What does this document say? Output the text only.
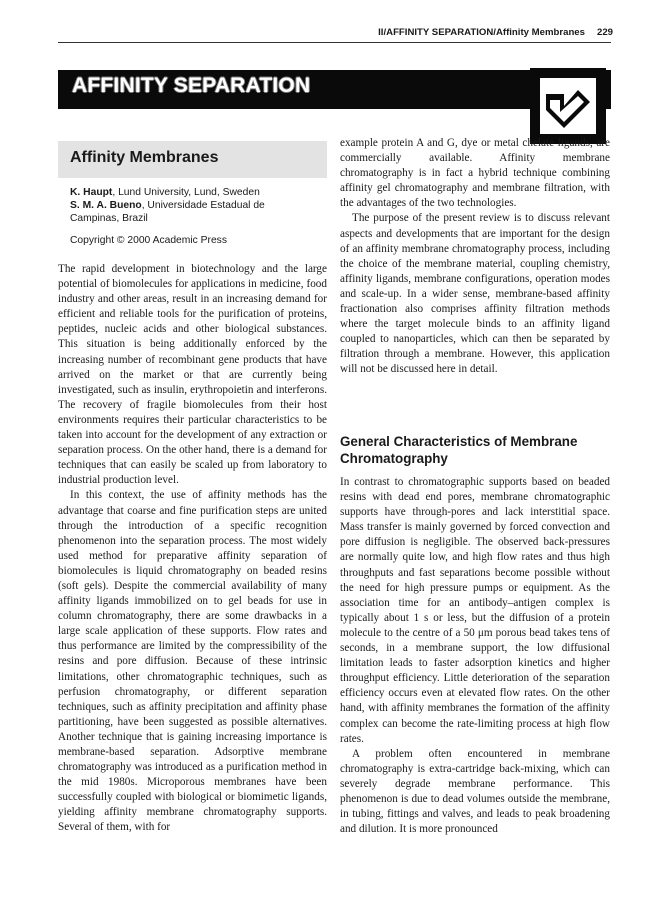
II/AFFINITY SEPARATION/Affinity Membranes 229
AFFINITY SEPARATION
Affinity Membranes
K. Haupt, Lund University, Lund, Sweden
S. M. A. Bueno, Universidade Estadual de Campinas, Brazil
Copyright © 2000 Academic Press

The rapid development in biotechnology and the large potential of biomolecules for applications in medicine, food industry and other areas, result in an increasing demand for efficient and reliable tools for the purification of proteins, peptides, nucleic acids and other biological substances. This situation is being additionally enforced by the increasing number of recombinant gene products that have arrived on the market or that are currently being investigated, such as insulin, erythropoietin and interferons. The recovery of fragile biomolecules from their host environments requires their particular characteristics to be taken into account for the development of any extraction or separation process. On the other hand, there is a demand for techniques that can easily be scaled up from laboratory to industrial production level.

In this context, the use of affinity methods has the advantage that coarse and fine purification steps are united through the introduction of a specific recognition phenomenon into the separation process. The most widely used method for preparative affinity separation of biomolecules is liquid chromatography on beaded resins (soft gels). Despite the commercial availability of many affinity ligands immobilized on to gel beads for use in column chromatography, there are some drawbacks in a large scale application of these supports. Flow rates and thus performance are limited by the compressibility of the resins and pore diffusion. Because of these intrinsic limitations, other chromatographic techniques, such as perfusion chromatography, or different separation techniques, such as affinity precipitation and affinity phase partitioning, have been suggested as possible alternatives. Another technique that is gaining increasing importance is membrane-based separation. Adsorptive membrane chromatography was introduced as a purification method in the mid 1980s. Microporous membranes have been successfully coupled with biological or biomimetic ligands, yielding affinity membrane chromatography supports. Several of them, with for

example protein A and G, dye or metal chelate ligands, are commercially available. Affinity membrane chromatography is in fact a hybrid technique combining affinity gel chromatography and membrane filtration, with the advantages of the two technologies.

The purpose of the present review is to discuss relevant aspects and developments that are important for the design of an affinity membrane chromatography process, including the choice of the membrane material, coupling chemistry, affinity ligands, membrane configurations, operation modes and scale-up. In a wider sense, membrane-based affinity fractionation also comprises affinity filtration methods where the target molecule binds to an affinity ligand coupled to nanoparticles, which can then be separated by filtration through a membrane. However, this application will not be discussed here in detail.

General Characteristics of Membrane Chromatography

In contrast to chromatographic supports based on beaded resins with dead end pores, membrane chromatographic supports have through-pores and lack interstitial space. Mass transfer is mainly governed by forced convection and pore diffusion is negligible. The observed back-pressures are normally quite low, and high flow rates and thus high throughputs and fast separations become possible without the need for high pressure pumps or equipment. As the association time for an antibody–antigen complex is typically about 1 s or less, but the diffusion of a protein molecule to the centre of a 50 μm porous bead takes tens of seconds, in a membrane support, the low diffusional limitation leads to faster adsorption kinetics and higher throughput efficiency. Little deterioration of the separation efficiency occurs even at elevated flow rates. On the other hand, with affinity membranes the formation of the affinity complex can become the rate-limiting process at high flow rates.

A problem often encountered in membrane chromatography is extra-cartridge back-mixing, which can severely degrade membrane performance. This phenomenon is due to dead volumes outside the membrane, in tubing, fittings and valves, and leads to peak broadening and dilution. It is more pronounced
